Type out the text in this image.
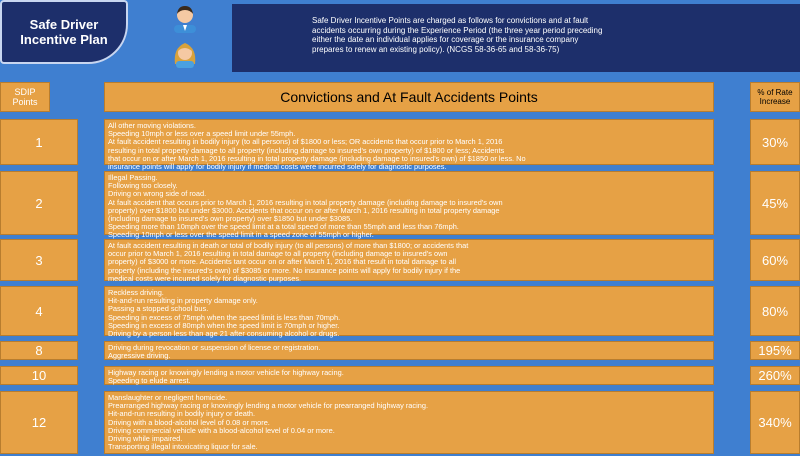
Safe Driver
Incentive Plan
Safe Driver Incentive Points are charged as follows for convictions and at fault
accidents occurring during the Experience Period (the three year period preceding
either the date an individual applies for coverage or the insurance company
prepares to renew an existing policy). (NCGS 58-36-65 and 58-36-75)
SDIP
Points	Convictions and At Fault Accidents Points	% of Rate
Increase
1
All other moving violations.
Speeding 10mph or less over a speed limit under 55mph.
At fault accident resulting in bodily injury (to all persons) of $1800 or less; OR accidents that occur prior to March 1, 2016
resulting in total property damage to all property (including damage to insured's own property) of $1800 or less; Accidents
that occur on or after March 1, 2016 resulting in total property damage (including damage to insured's own) of $1850 or less. No
insurance points will apply for bodily injury if medical costs were incurred solely for diagnostic purposes.
30%
2
Illegal Passing.
Following too closely.
Driving on wrong side of road.
At fault accident that occurs prior to March 1, 2016 resulting in total property damage (including damage to insured's own
property) over $1800 but under $3000. Accidents that occur on or after March 1, 2016 resulting in total property damage
(including damage to insured's own property) over $1850 but under $3085.
Speeding more than 10mph over the speed limit at a total speed of more than 55mph and less than 76mph.
Speeding 10mph or less over the speed limit in a speed zone of 55mph or higher.
45%
3
At fault accident resulting in death or total of bodily injury (to all persons) of more than $1800; or accidents that
occur prior to March 1, 2016 resulting in total damage to all property (including damage to insured's own
property) of $3000 or more. Accidents tant occur on or after March 1, 2016 that result in total damage to all
property (including the insured's own) of $3085 or more. No insurance points will apply for bodily injury if the
medical costs were incurred solely for diagnostic purposes.
60%
4
Reckless driving.
Hit-and-run resulting in property damage only.
Passing a stopped school bus.
Speeding in excess of 75mph when the speed limit is less than 70mph.
Speeding in excess of 80mph when the speed limit is 70mph or higher.
Driving by a person less than age 21 after consuming alcohol or drugs.
80%
8	Driving during revocation or suspension of license or registration.
Aggressive driving.	195%
10	Highway racing or knowingly lending a motor vehicle for highway racing.
Speeding to elude arrest.	260%
12
Manslaughter or negligent homicide.
Prearranged highway racing or knowingly lending a motor vehicle for prearranged highway racing.
Hit-and-run resulting in bodily injury or death.
Driving with a blood-alcohol level of 0.08 or more.
Driving commercial vehicle with a blood-alcohol level of 0.04 or more.
Driving while impaired.
Transporting illegal intoxicating liquor for sale.
340%
